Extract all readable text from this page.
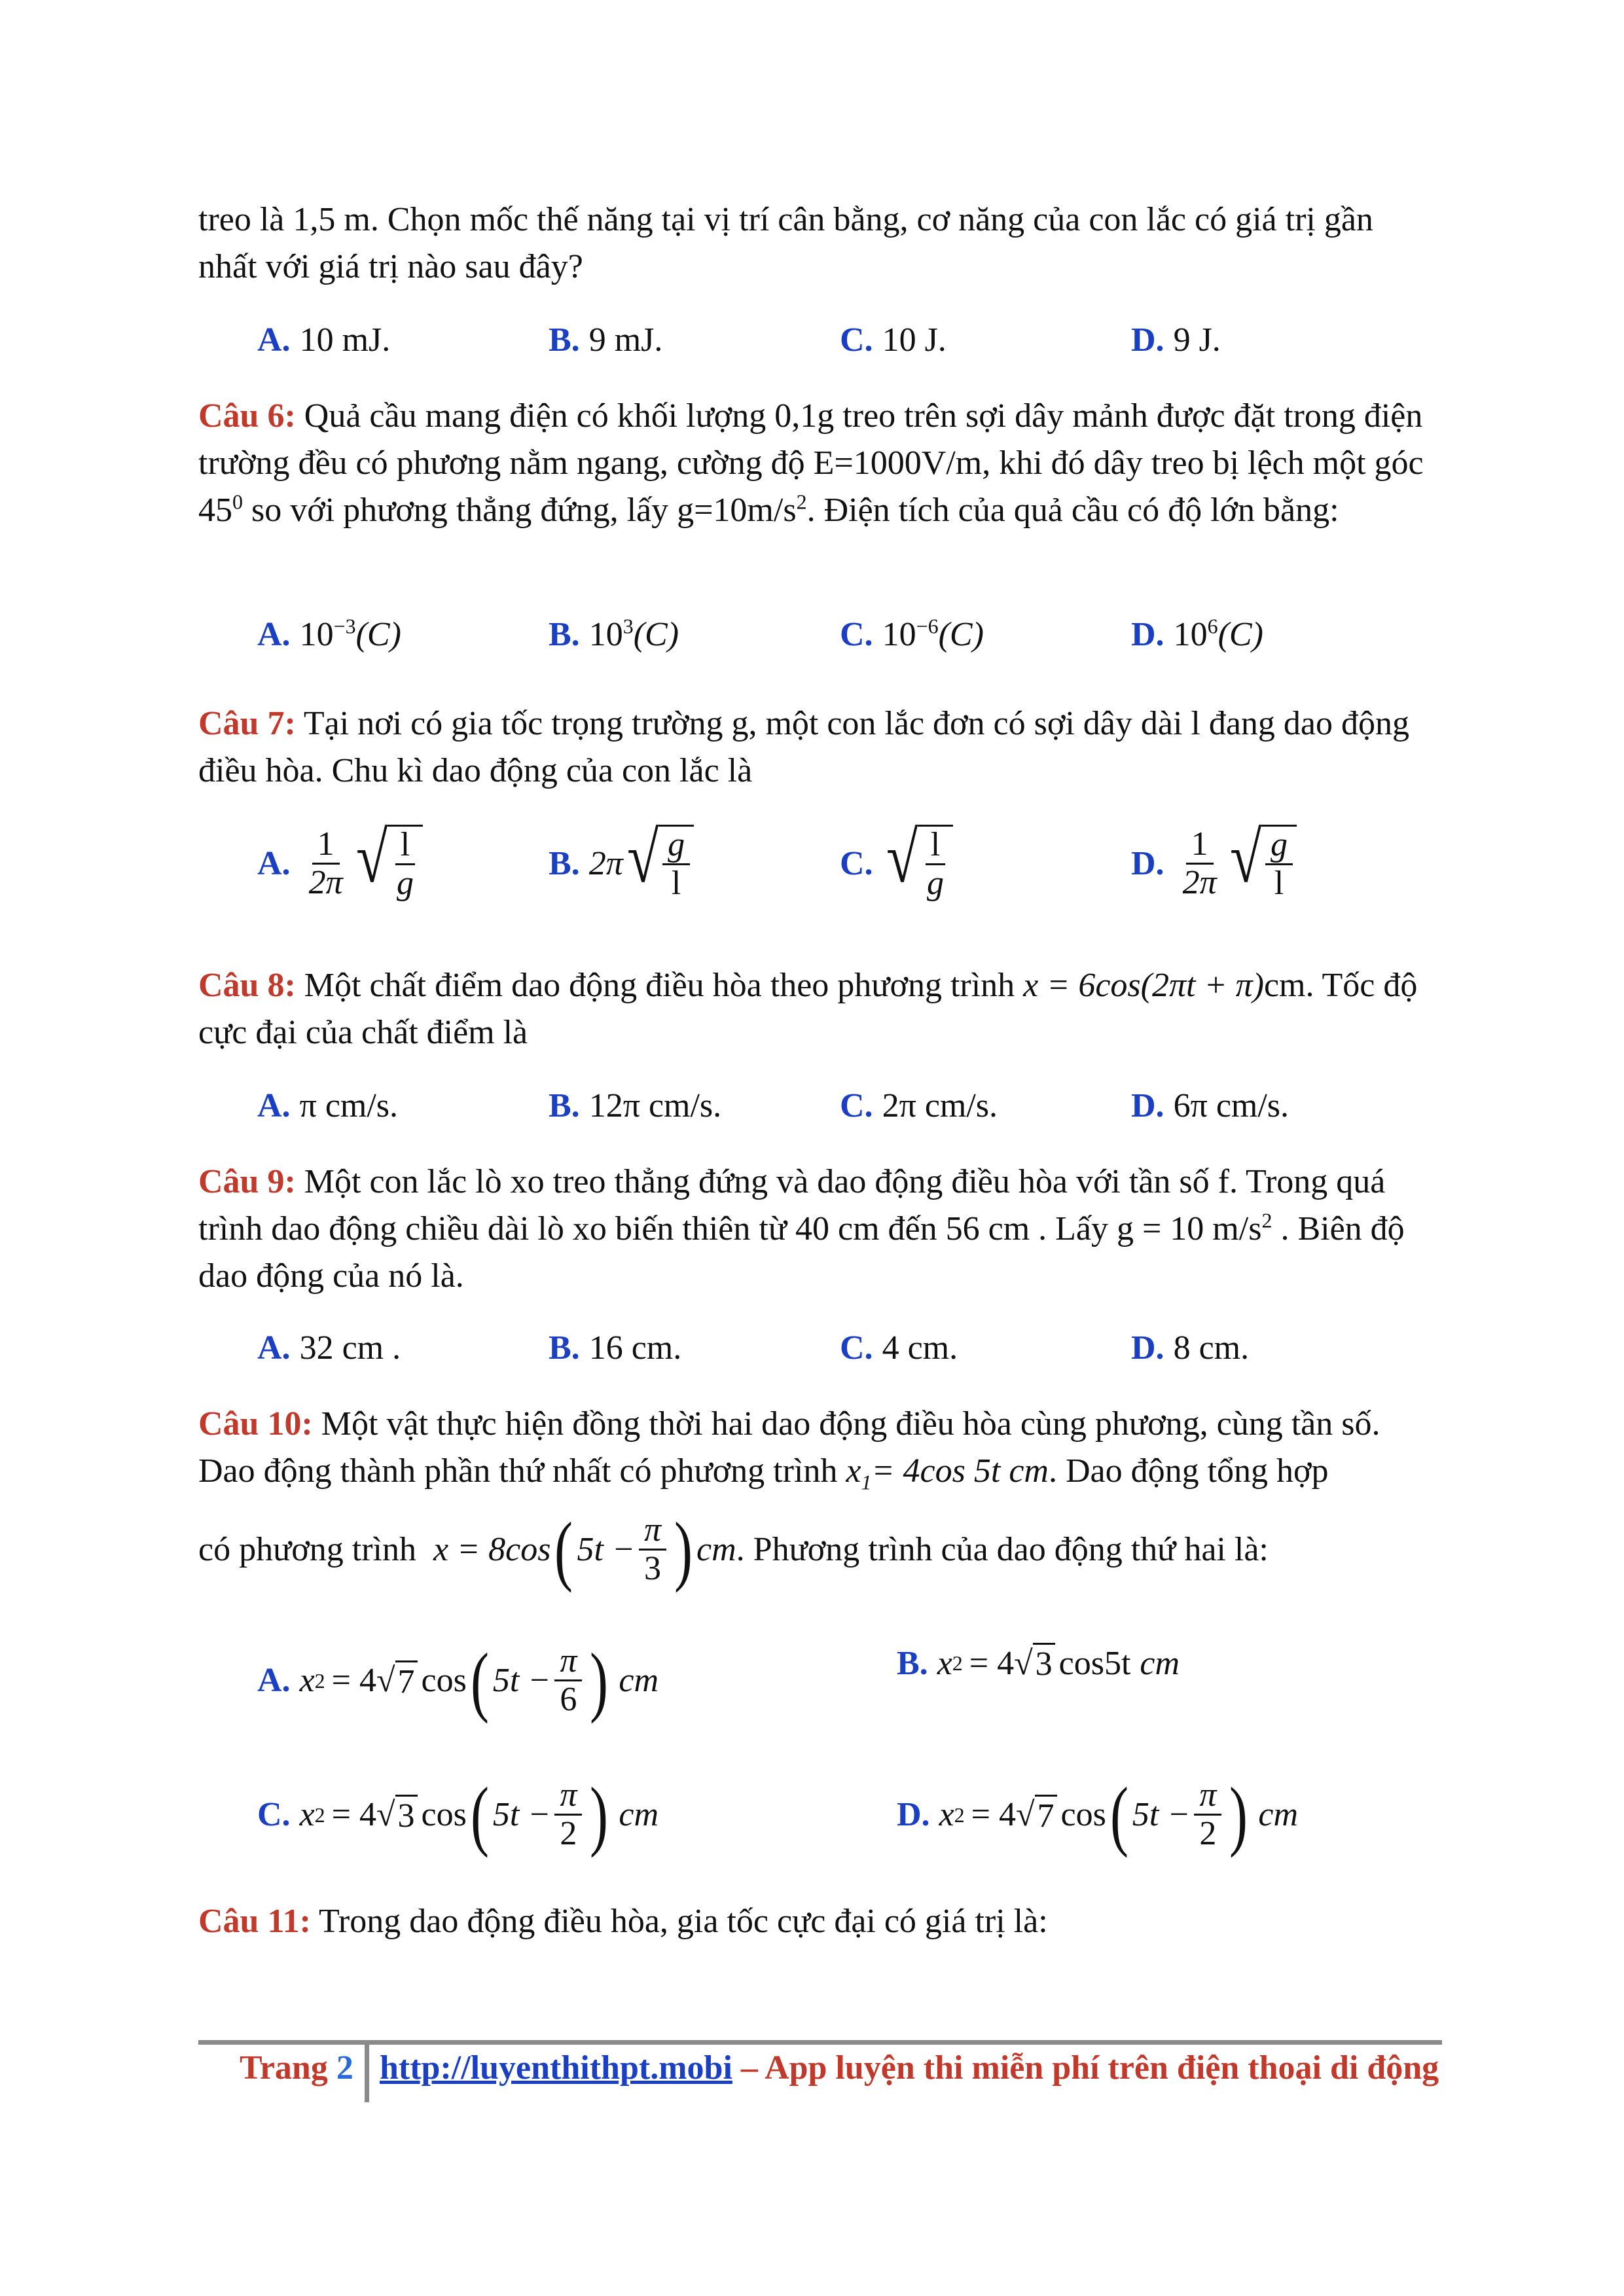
treo là 1,5 m. Chọn mốc thế năng tại vị trí cân bằng, cơ năng của con lắc có giá trị gần

nhất với giá trị nào sau đây?

A. 10 mJ.	B. 9 mJ.	C. 10 J.	D. 9 J.

Câu 6: Quả cầu mang điện có khối lượng 0,1g treo trên sợi dây mảnh được đặt trong điện trường đều có phương nằm ngang, cường độ E=1000V/m, khi đó dây treo bị lệch một góc $45^0$ so với phương thẳng đứng, lấy $g=10m/s^2$. Điện tích của quả cầu có độ lớn bằng:

A. $10^{-3}(C)$	B. $10^3(C)$	C. $10^{-6}(C)$	D. $10^6(C)$

Câu 7: Tại nơi có gia tốc trọng trường g, một con lắc đơn có sợi dây dài l đang dao động điều hòa. Chu kì dao động của con lắc là

A. $\frac{1}{2\pi}$ √ $\frac{l}{g}$	B. 2π √ $\frac{g}{l}$	C. √ $\frac{l}{g}$	D. $\frac{1}{2\pi}$ √ $\frac{g}{l}$

Câu 8: Một chất điểm dao động điều hòa theo phương trình x = 6cos(2πt + π)cm. Tốc độ cực đại của chất điểm là

A. π cm/s.	B. 12π cm/s.	C. 2π cm/s.	D. 6π cm/s.

Câu 9: Một con lắc lò xo treo thẳng đứng và dao động điều hòa với tần số f. Trong quá trình dao động chiều dài lò xo biến thiên từ 40 cm đến 56 cm . Lấy g = 10 $m/s^2$ . Biên độ dao động của nó là.

A. 32 cm .	B. 16 cm.	C. 4 cm.	D. 8 cm.

Câu 10: Một vật thực hiện đồng thời hai dao động điều hòa cùng phương, cùng tần số. Dao động thành phần thứ nhất có phương trình $x_1= 4\cos$ 5t cm. Dao động tổng hợp

có phương trình x = 8cos ( $5t - \frac{\pi}{3}$ ) cm . Phương trình của dao động thứ hai là:
A. x 2 = 4 √ 7 cos ( $5t - \frac{\pi}{6}$ ) cm	B. x 2 = 4 √ 3 cos5t cm
C. x 2 = 4 √ 3 cos ( $5t - \frac{\pi}{2}$ ) cm	D. x 2 = 4 √ 7 cos ( $5t - \frac{\pi}{2}$ ) cm

Câu 11: Trong dao động điều hòa, gia tốc cực đại có giá trị là:

Trang 2 http://luyenthithpt.mobi – App luyện thi miễn phí trên điện thoại di động
